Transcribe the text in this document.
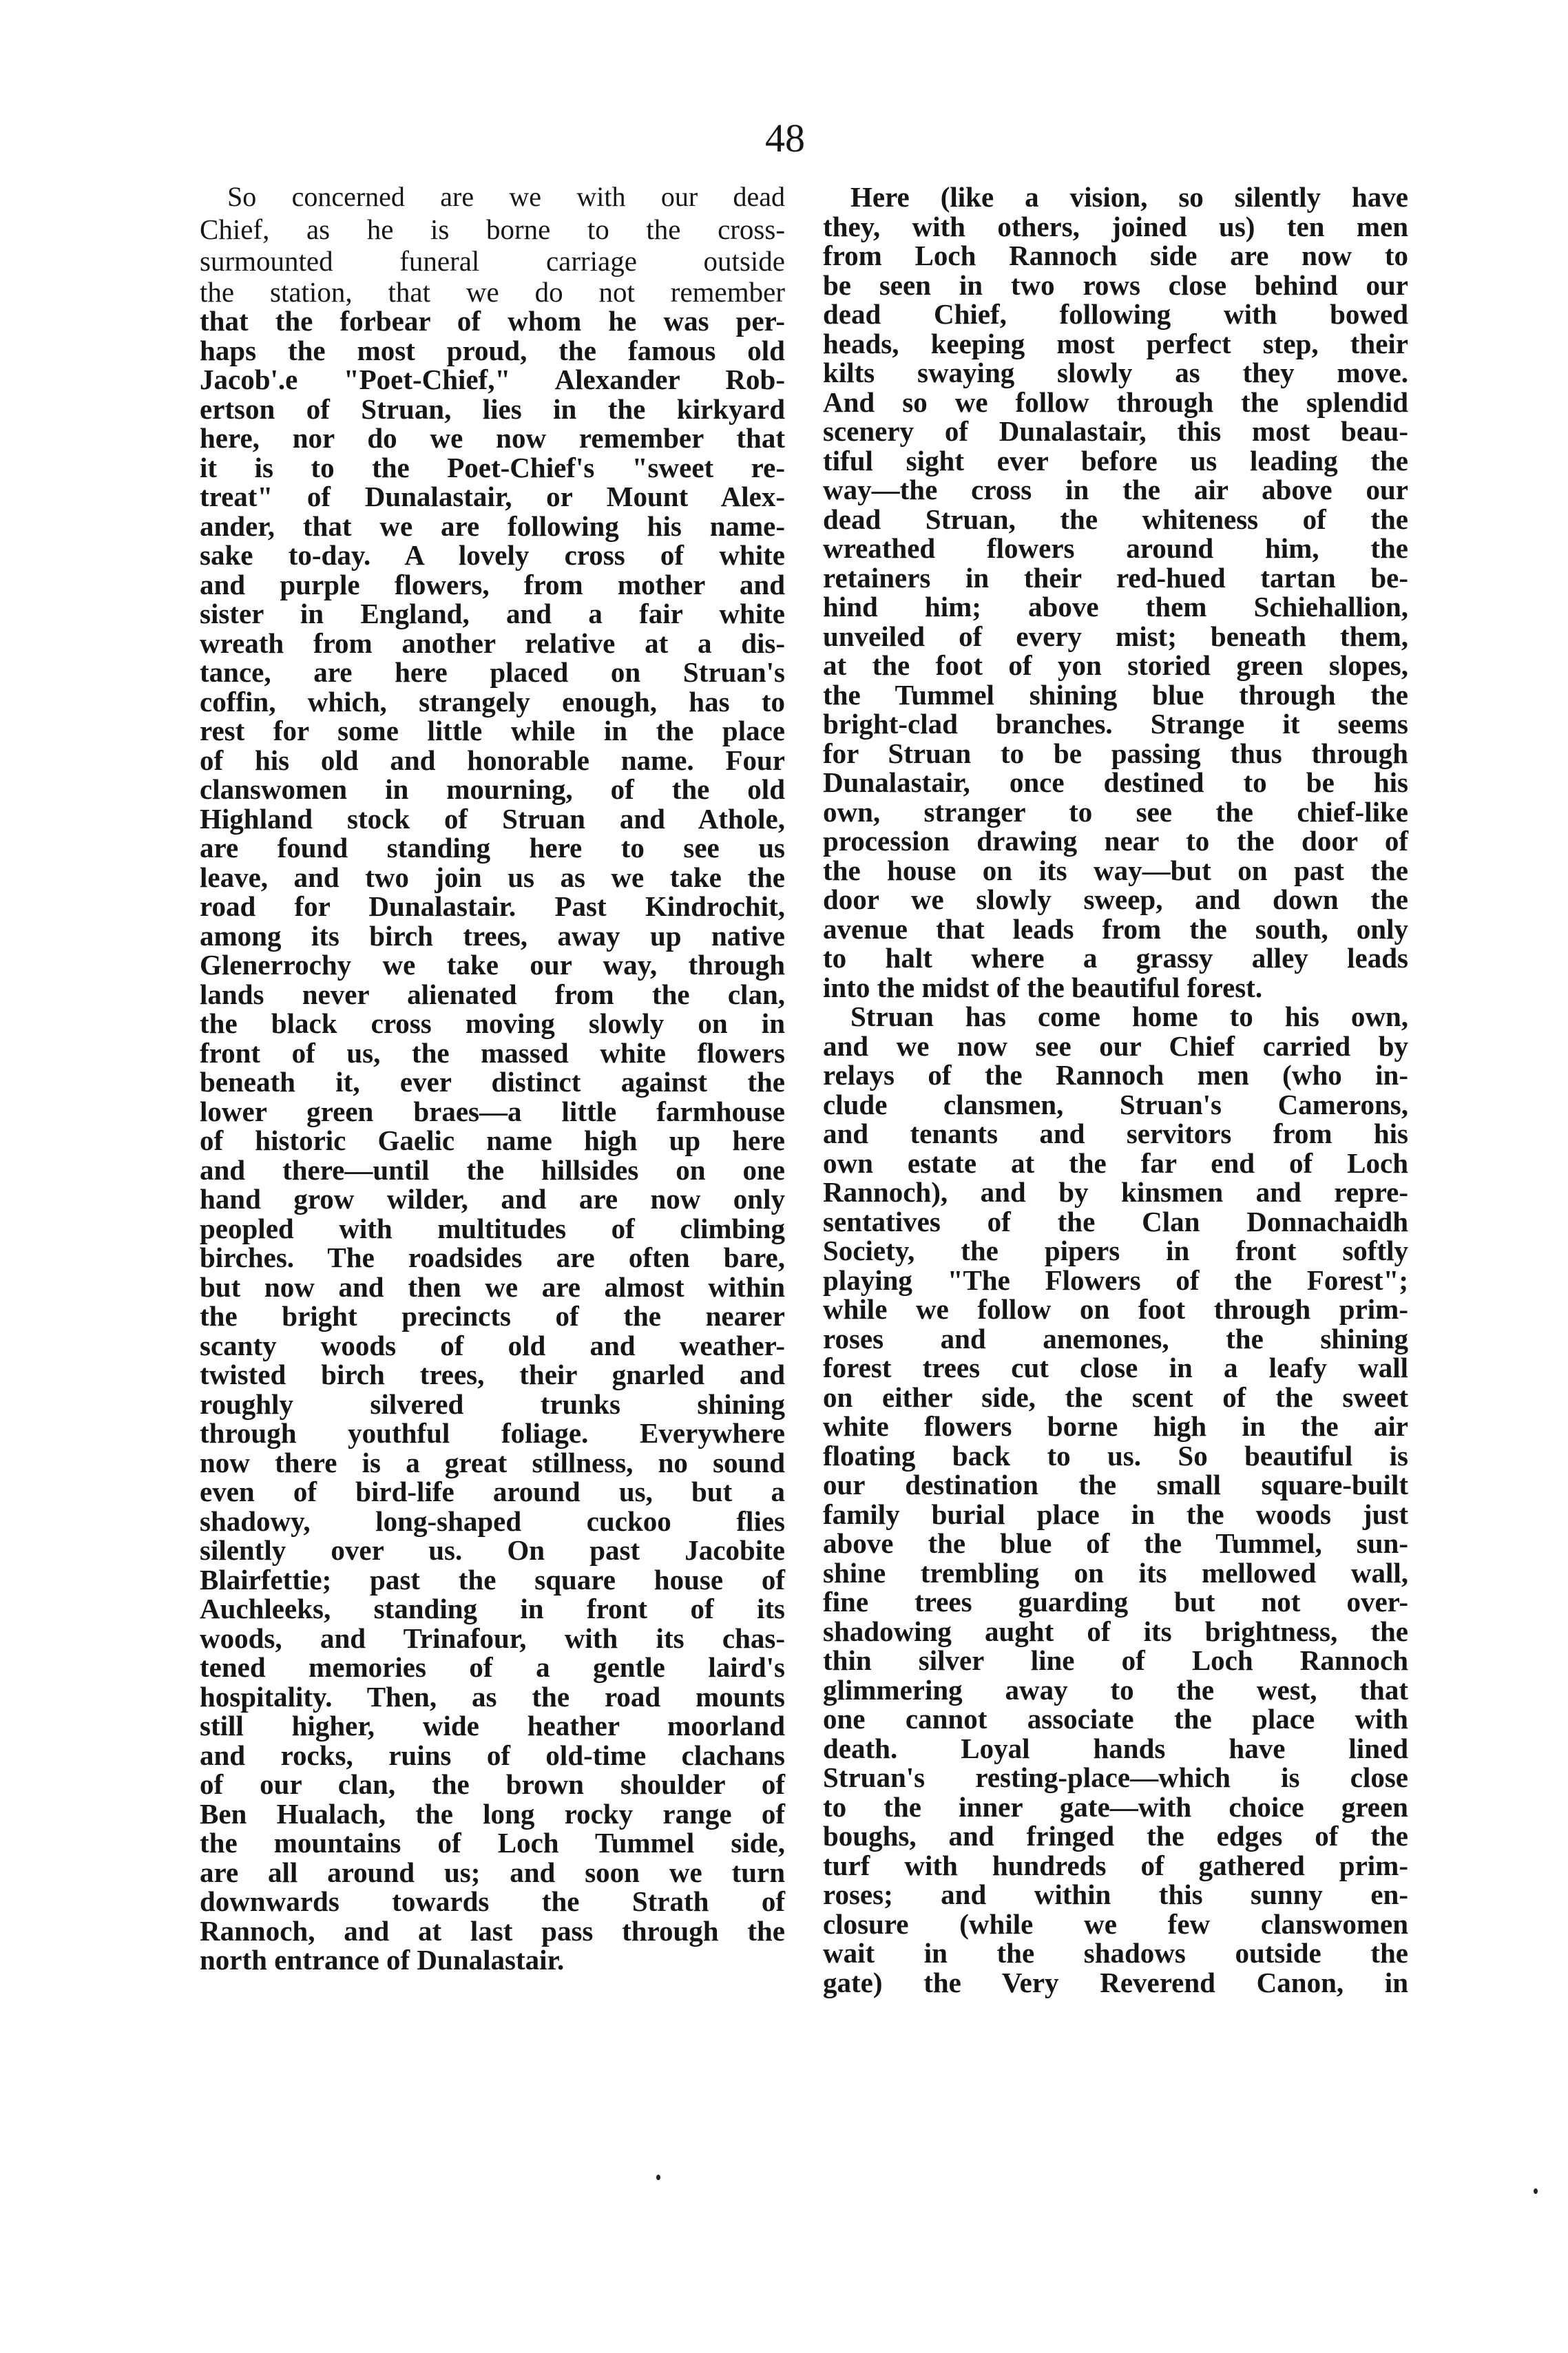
48
So concerned are we with our dead
Chief, as he is borne to the cross-
surmounted funeral carriage outside
the station, that we do not remember
that the forbear of whom he was per-
haps the most proud, the famous old
Jacob'.e "Poet-Chief," Alexander Rob-
ertson of Struan, lies in the kirkyard
here, nor do we now remember that
it is to the Poet-Chief's "sweet re-
treat" of Dunalastair, or Mount Alex-
ander, that we are following his name-
sake to-day. A lovely cross of white
and purple flowers, from mother and
sister in England, and a fair white
wreath from another relative at a dis-
tance, are here placed on Struan's
coffin, which, strangely enough, has to
rest for some little while in the place
of his old and honorable name. Four
clanswomen in mourning, of the old
Highland stock of Struan and Athole,
are found standing here to see us
leave, and two join us as we take the
road for Dunalastair. Past Kindrochit,
among its birch trees, away up native
Glenerrochy we take our way, through
lands never alienated from the clan,
the black cross moving slowly on in
front of us, the massed white flowers
beneath it, ever distinct against the
lower green braes—a little farmhouse
of historic Gaelic name high up here
and there—until the hillsides on one
hand grow wilder, and are now only
peopled with multitudes of climbing
birches. The roadsides are often bare,
but now and then we are almost within
the bright precincts of the nearer
scanty woods of old and weather-
twisted birch trees, their gnarled and
roughly silvered trunks shining
through youthful foliage. Everywhere
now there is a great stillness, no sound
even of bird-life around us, but a
shadowy, long-shaped cuckoo flies
silently over us. On past Jacobite
Blairfettie; past the square house of
Auchleeks, standing in front of its
woods, and Trinafour, with its chas-
tened memories of a gentle laird's
hospitality. Then, as the road mounts
still higher, wide heather moorland
and rocks, ruins of old-time clachans
of our clan, the brown shoulder of
Ben Hualach, the long rocky range of
the mountains of Loch Tummel side,
are all around us; and soon we turn
downwards towards the Strath of
Rannoch, and at last pass through the
north entrance of Dunalastair.
Here (like a vision, so silently have
they, with others, joined us) ten men
from Loch Rannoch side are now to
be seen in two rows close behind our
dead Chief, following with bowed
heads, keeping most perfect step, their
kilts swaying slowly as they move.
And so we follow through the splendid
scenery of Dunalastair, this most beau-
tiful sight ever before us leading the
way—the cross in the air above our
dead Struan, the whiteness of the
wreathed flowers around him, the
retainers in their red-hued tartan be-
hind him; above them Schiehallion,
unveiled of every mist; beneath them,
at the foot of yon storied green slopes,
the Tummel shining blue through the
bright-clad branches. Strange it seems
for Struan to be passing thus through
Dunalastair, once destined to be his
own, stranger to see the chief-like
procession drawing near to the door of
the house on its way—but on past the
door we slowly sweep, and down the
avenue that leads from the south, only
to halt where a grassy alley leads
into the midst of the beautiful forest.
Struan has come home to his own,
and we now see our Chief carried by
relays of the Rannoch men (who in-
clude clansmen, Struan's Camerons,
and tenants and servitors from his
own estate at the far end of Loch
Rannoch), and by kinsmen and repre-
sentatives of the Clan Donnachaidh
Society, the pipers in front softly
playing "The Flowers of the Forest";
while we follow on foot through prim-
roses and anemones, the shining
forest trees cut close in a leafy wall
on either side, the scent of the sweet
white flowers borne high in the air
floating back to us. So beautiful is
our destination the small square-built
family burial place in the woods just
above the blue of the Tummel, sun-
shine trembling on its mellowed wall,
fine trees guarding but not over-
shadowing aught of its brightness, the
thin silver line of Loch Rannoch
glimmering away to the west, that
one cannot associate the place with
death. Loyal hands have lined
Struan's resting-place—which is close
to the inner gate—with choice green
boughs, and fringed the edges of the
turf with hundreds of gathered prim-
roses; and within this sunny en-
closure (while we few clanswomen
wait in the shadows outside the
gate) the Very Reverend Canon, in
